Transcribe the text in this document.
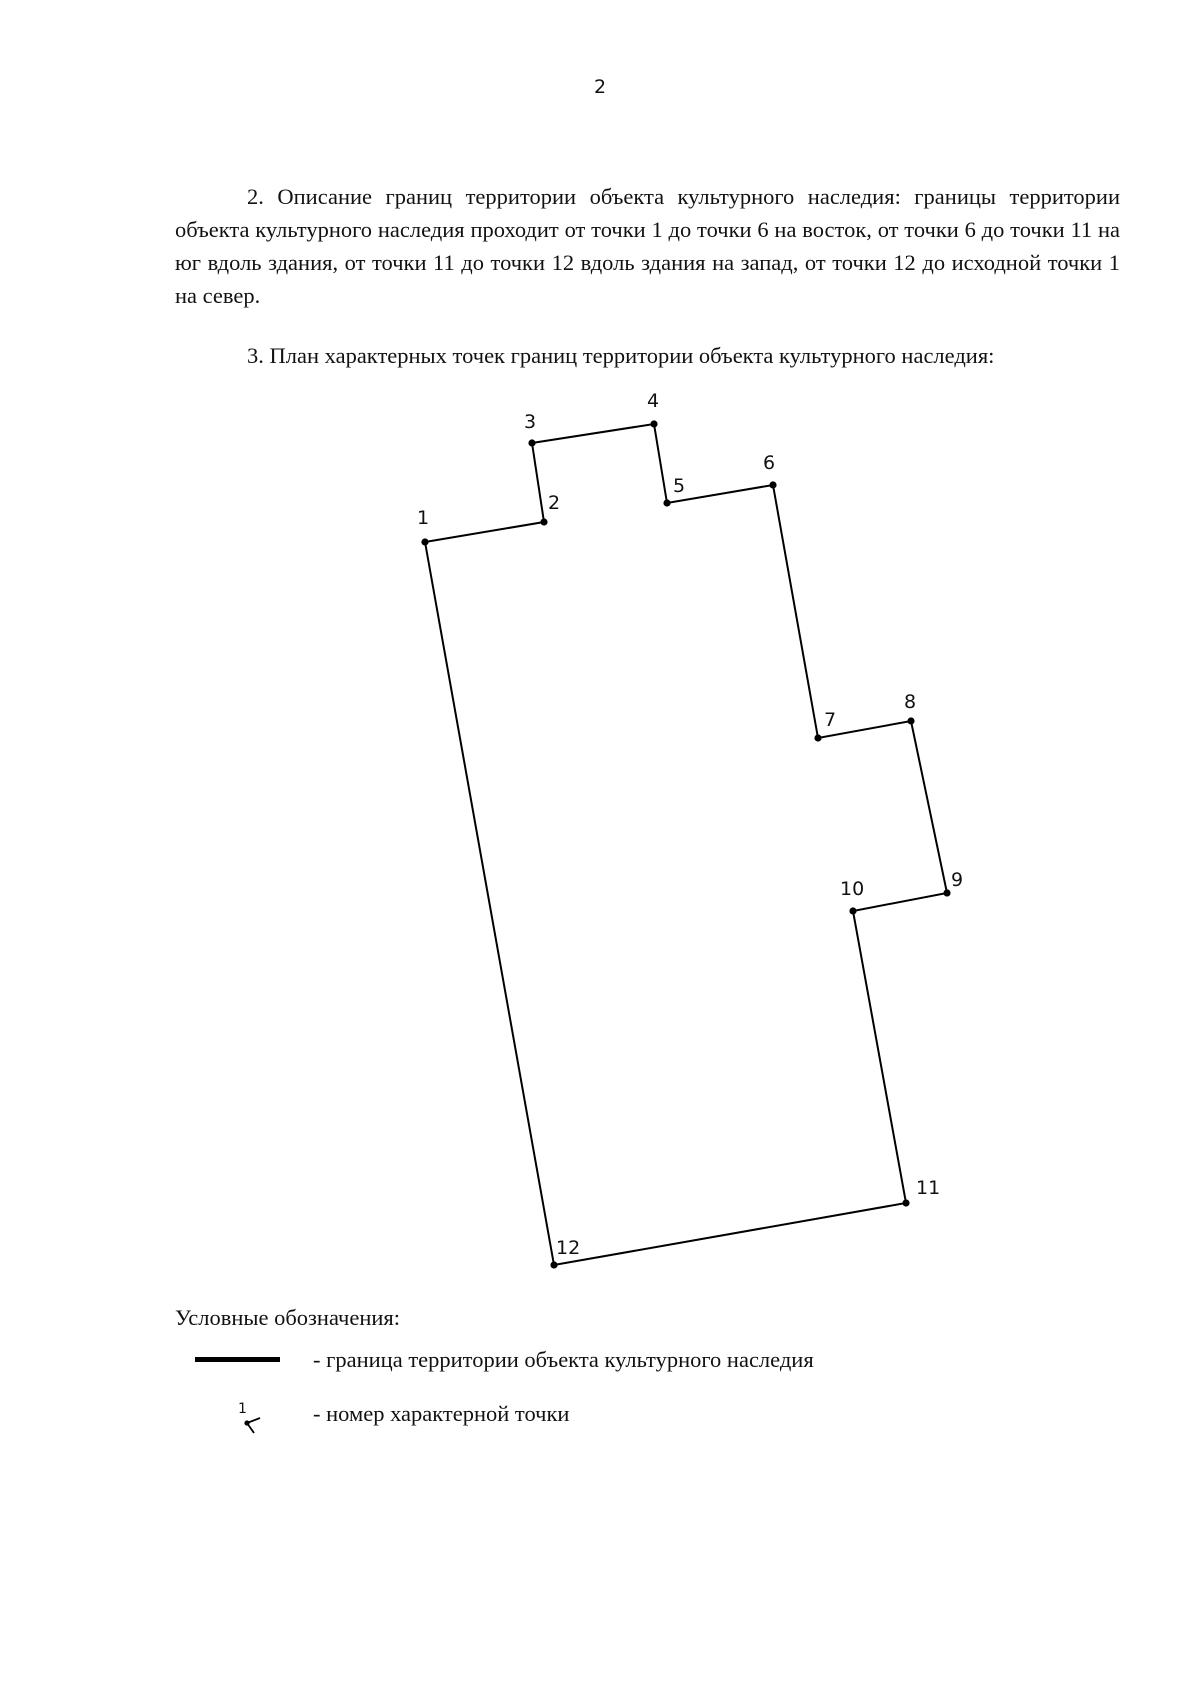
2

2. Описание границ территории объекта культурного наследия: границы территории объекта культурного наследия проходит от точки 1 до точки 6 на восток, от точки 6 до точки 11 на юг вдоль здания, от точки 11 до точки 12 вдоль здания на запад, от точки 12 до исходной точки 1 на север.

3. План характерных точек границ территории объекта культурного наследия:

1
2
3
4
5
6
7
8
9
10
11
12
Условные обозначения:
- граница территории объекта культурного наследия
1	- номер характерной точки
